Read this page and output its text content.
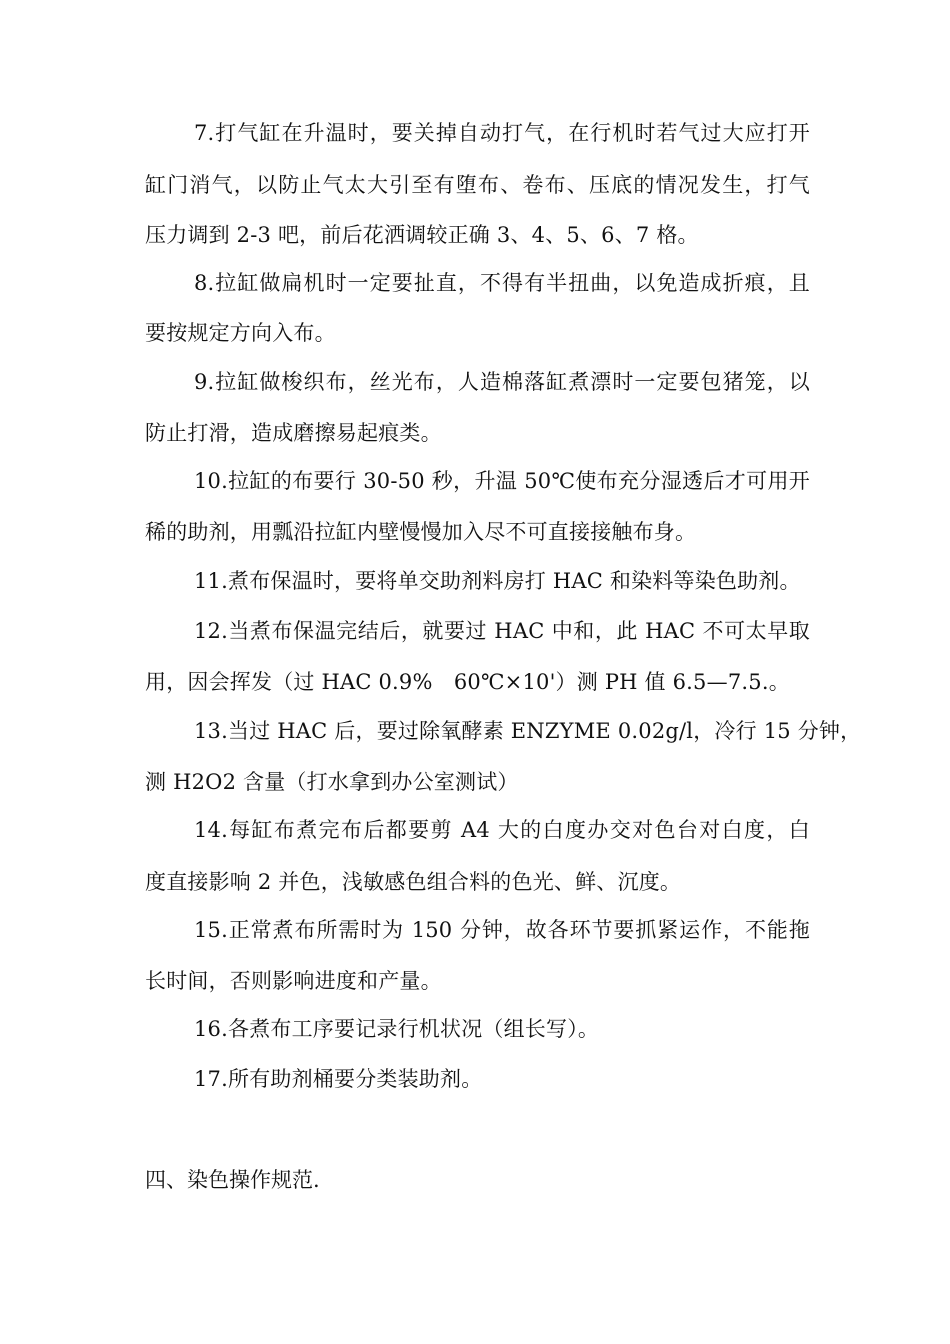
7.打气缸在升温时，要关掉自动打气，在行机时若气过大应打开
缸门消气，以防止气太大引至有堕布、卷布、压底的情况发生，打气
压力调到 2-3 吧，前后花洒调较正确 3、4、5、6、7 格。
8.拉缸做扁机时一定要扯直，不得有半扭曲，以免造成折痕，且
要按规定方向入布。
9.拉缸做梭织布，丝光布，人造棉落缸煮漂时一定要包猪笼，以
防止打滑，造成磨擦易起痕类。
10.拉缸的布要行 30-50 秒，升温 50℃使布充分湿透后才可用开
稀的助剂，用瓢沿拉缸内壁慢慢加入尽不可直接接触布身。
11.煮布保温时，要将单交助剂料房打 HAC 和染料等染色助剂。
12.当煮布保温完结后，就要过 HAC 中和，此 HAC 不可太早取
用，因会挥发（过 HAC 0.9%　60℃×10'）测 PH 值 6.5—7.5.。
13.当过 HAC 后，要过除氧酵素 ENZYME 0.02g/l，冷行 15 分钟，
测 H2O2 含量（打水拿到办公室测试）
14.每缸布煮完布后都要剪 A4 大的白度办交对色台对白度，白
度直接影响 2 并色，浅敏感色组合料的色光、鲜、沉度。
15.正常煮布所需时为 150 分钟，故各环节要抓紧运作，不能拖
长时间，否则影响进度和产量。
16.各煮布工序要记录行机状况（组长写）。
17.所有助剂桶要分类装助剂。
四、染色操作规范.
